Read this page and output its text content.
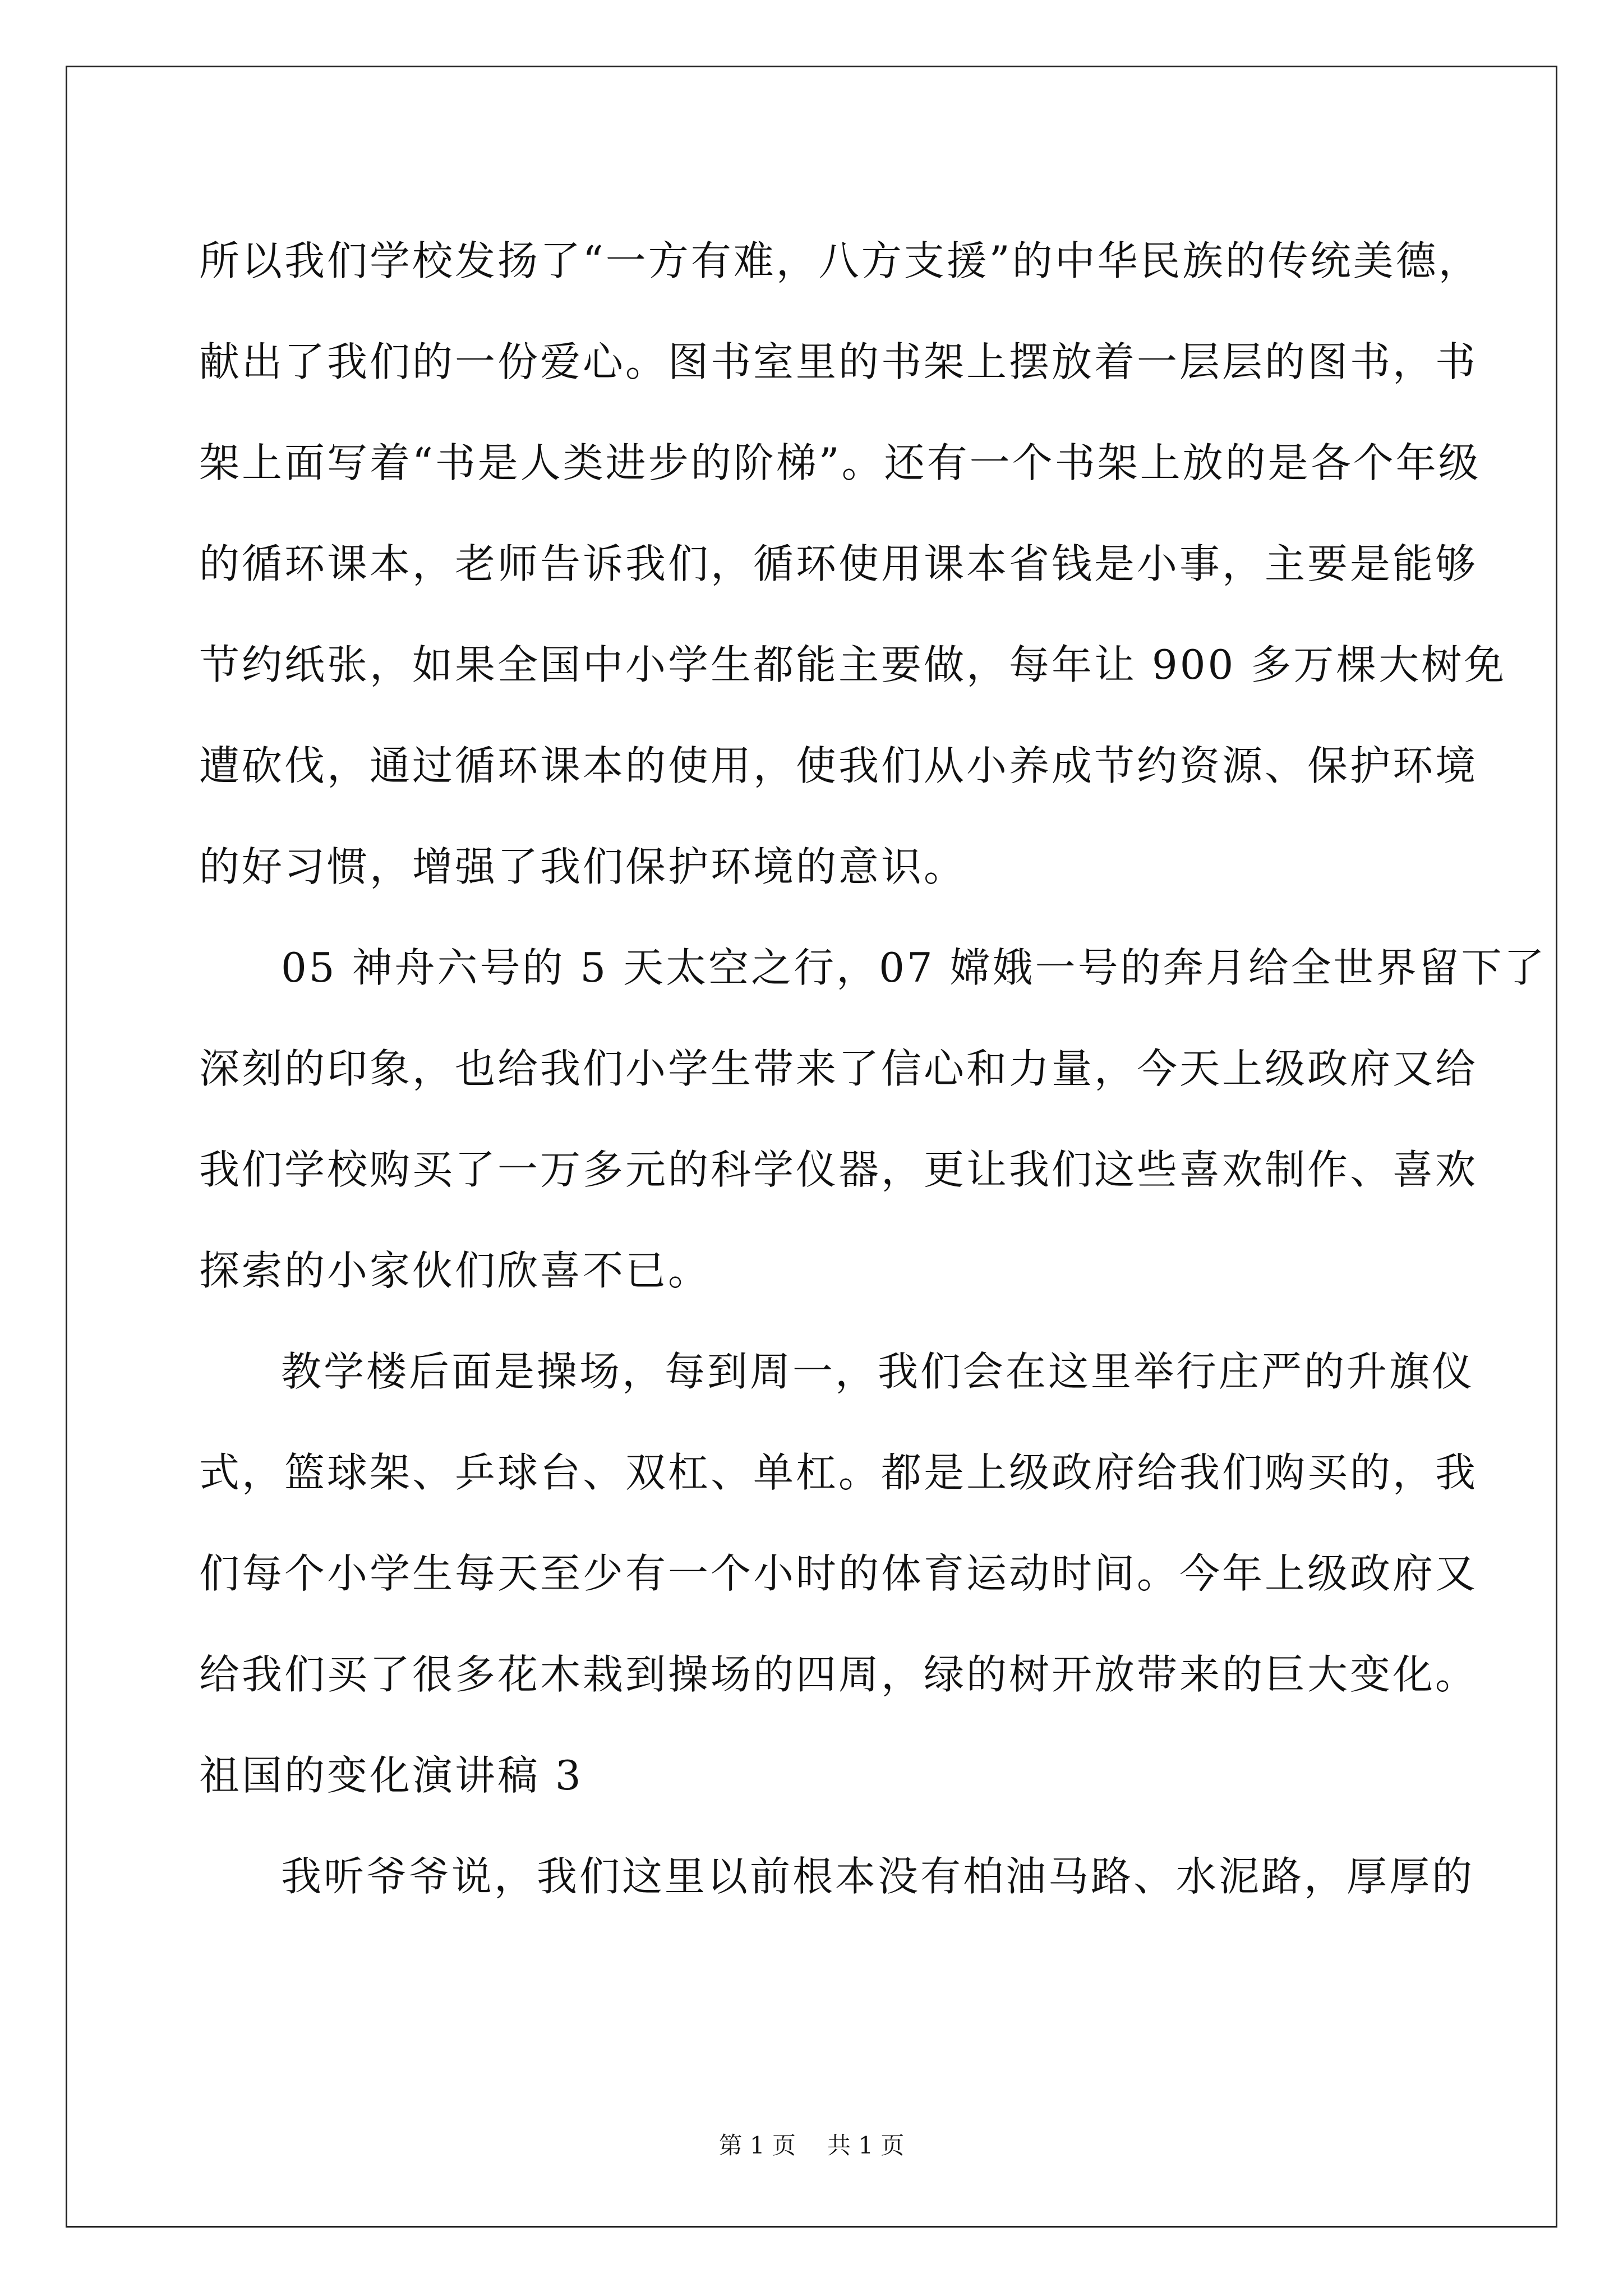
所以我们学校发扬了“一方有难，八方支援”的中华民族的传统美德，
献出了我们的一份爱心。图书室里的书架上摆放着一层层的图书，书
架上面写着“书是人类进步的阶梯”。还有一个书架上放的是各个年级
的循环课本，老师告诉我们，循环使用课本省钱是小事，主要是能够
节约纸张，如果全国中小学生都能主要做，每年让 900 多万棵大树免
遭砍伐，通过循环课本的使用，使我们从小养成节约资源、保护环境
的好习惯，增强了我们保护环境的意识。
05 神舟六号的 5 天太空之行，07 嫦娥一号的奔月给全世界留下了
深刻的印象，也给我们小学生带来了信心和力量，今天上级政府又给
我们学校购买了一万多元的科学仪器，更让我们这些喜欢制作、喜欢
探索的小家伙们欣喜不已。
教学楼后面是操场，每到周一，我们会在这里举行庄严的升旗仪
式，篮球架、乒球台、双杠、单杠。都是上级政府给我们购买的，我
们每个小学生每天至少有一个小时的体育运动时间。今年上级政府又
给我们买了很多花木栽到操场的四周，绿的树开放带来的巨大变化。
祖国的变化演讲稿 3
我听爷爷说，我们这里以前根本没有柏油马路、水泥路，厚厚的
第 1 页 共 1 页
